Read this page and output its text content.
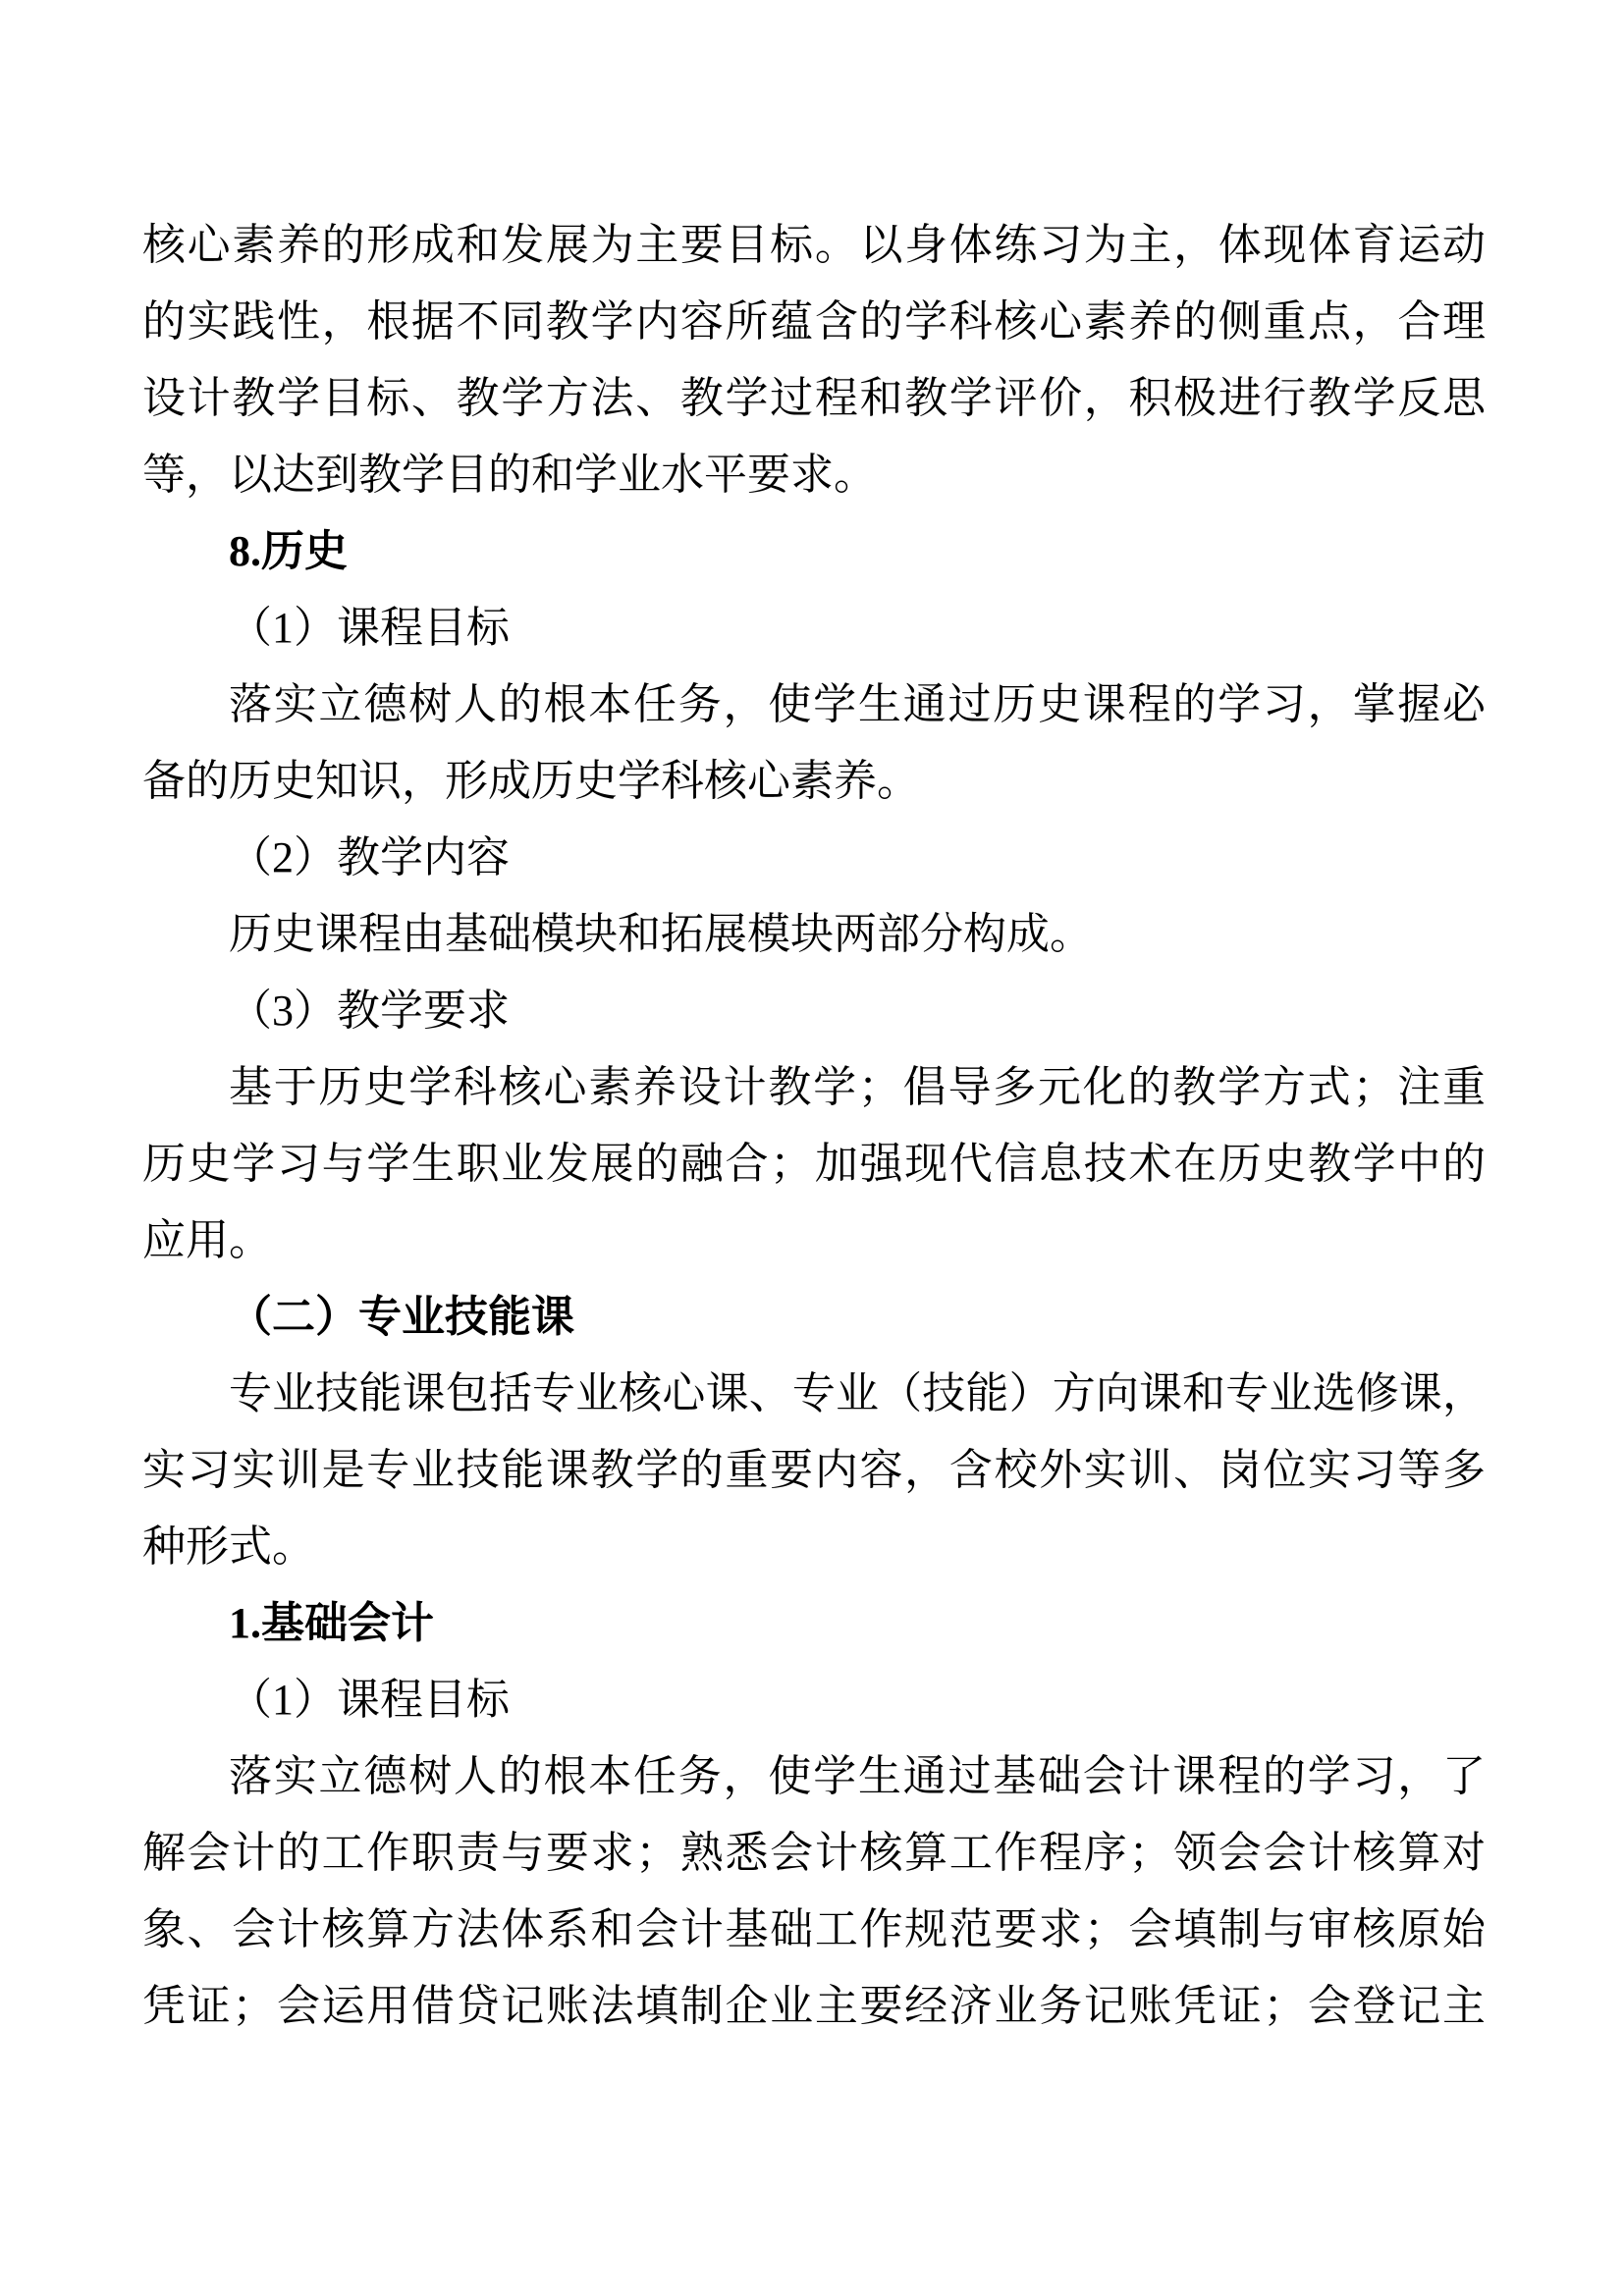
核心素养的形成和发展为主要目标。以身体练习为主，体现体育运动
的实践性，根据不同教学内容所蕴含的学科核心素养的侧重点，合理
设计教学目标、教学方法、教学过程和教学评价，积极进行教学反思
等，以达到教学目的和学业水平要求。
8.历史
（1）课程目标
落实立德树人的根本任务，使学生通过历史课程的学习，掌握必
备的历史知识，形成历史学科核心素养。
（2）教学内容
历史课程由基础模块和拓展模块两部分构成。
（3）教学要求
基于历史学科核心素养设计教学；倡导多元化的教学方式；注重
历史学习与学生职业发展的融合；加强现代信息技术在历史教学中的
应用。
（二）专业技能课
专业技能课包括专业核心课、专业（技能）方向课和专业选修课，
实习实训是专业技能课教学的重要内容，含校外实训、岗位实习等多
种形式。
1.基础会计
（1）课程目标
落实立德树人的根本任务，使学生通过基础会计课程的学习，了
解会计的工作职责与要求；熟悉会计核算工作程序；领会会计核算对
象、会计核算方法体系和会计基础工作规范要求；会填制与审核原始
凭证；会运用借贷记账法填制企业主要经济业务记账凭证；会登记主
